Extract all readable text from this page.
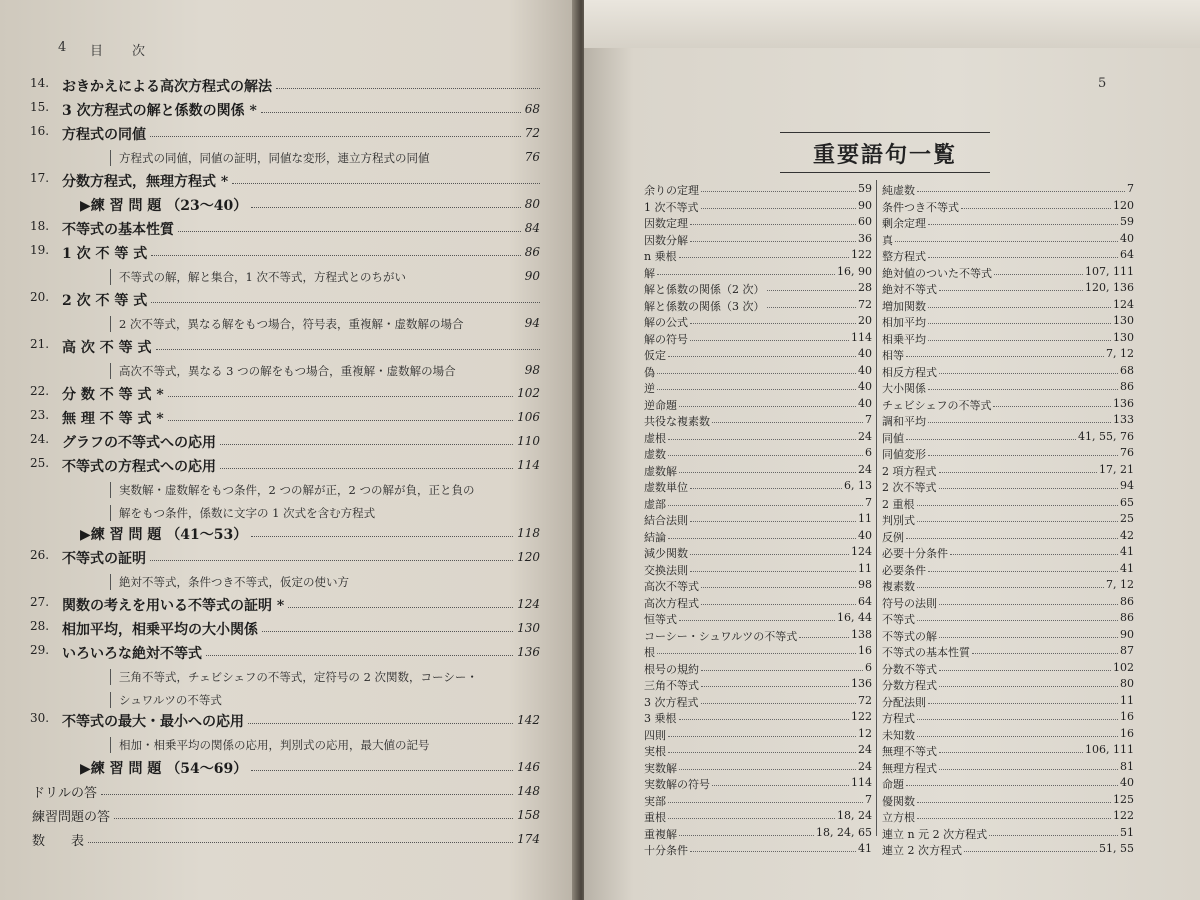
4 目　　次
14. おきかえによる高次方程式の解法
15. 3 次方程式の解と係数の関係 *	68
16. 方程式の同値	72
方程式の同値，同値の証明，同値な変形，連立方程式の同値	76
17. 分数方程式，無理方程式 *
▶練 習 問 題 （23〜40）	80
18. 不等式の基本性質	84
19. 1 次 不 等 式	86
不等式の解，解と集合，1 次不等式，方程式とのちがい	90
20. 2 次 不 等 式
2 次不等式，異なる解をもつ場合，符号表，重複解・虚数解の場合	94
21. 高 次 不 等 式
高次不等式，異なる 3 つの解をもつ場合，重複解・虚数解の場合	98
22. 分 数 不 等 式 *	102
23. 無 理 不 等 式 *	106
24. グラフの不等式への応用	110
25. 不等式の方程式への応用	114
実数解・虚数解をもつ条件，2 つの解が正，2 つの解が負，正と負の
解をもつ条件，係数に文字の 1 次式を含む方程式
▶練 習 問 題 （41〜53）	118
26. 不等式の証明	120
絶対不等式，条件つき不等式，仮定の使い方
27. 関数の考えを用いる不等式の証明 *	124
28. 相加平均，相乗平均の大小関係	130
29. いろいろな絶対不等式	136
三角不等式，チェビシェフの不等式，定符号の 2 次関数，コーシー・
シュワルツの不等式
30. 不等式の最大・最小への応用	142
相加・相乗平均の関係の応用，判別式の応用，最大値の記号
▶練 習 問 題 （54〜69）	146
ドリルの答	148
練習問題の答	158
数　　表	174
5
重要語句一覧
余りの定理	59
1 次不等式	90
因数定理	60
因数分解	36
n 乗根	122
解	16, 90
解と係数の関係（2 次）	28
解と係数の関係（3 次）	72
解の公式	20
解の符号	114
仮定	40
偽	40
逆	40
逆命題	40
共役な複素数	7
虚根	24
虚数	6
虚数解	24
虚数単位	6, 13
虚部	7
結合法則	11
結論	40
減少関数	124
交換法則	11
高次不等式	98
高次方程式	64
恒等式	16, 44
コーシー・シュワルツの不等式	138
根	16
根号の規約	6
三角不等式	136
3 次方程式	72
3 乗根	122
四則	12
実根	24
実数解	24
実数解の符号	114
実部	7
重根	18, 24
重複解	18, 24, 65
十分条件	41
純虚数	7
条件つき不等式	120
剰余定理	59
真	40
整方程式	64
絶対値のついた不等式	107, 111
絶対不等式	120, 136
増加関数	124
相加平均	130
相乗平均	130
相等	7, 12
相反方程式	68
大小関係	86
チェビシェフの不等式	136
調和平均	133
同値	41, 55, 76
同値変形	76
2 項方程式	17, 21
2 次不等式	94
2 重根	65
判別式	25
反例	42
必要十分条件	41
必要条件	41
複素数	7, 12
符号の法則	86
不等式	86
不等式の解	90
不等式の基本性質	87
分数不等式	102
分数方程式	80
分配法則	11
方程式	16
未知数	16
無理不等式	106, 111
無理方程式	81
命題	40
優関数	125
立方根	122
連立 n 元 2 次方程式	51
連立 2 次方程式	51, 55
